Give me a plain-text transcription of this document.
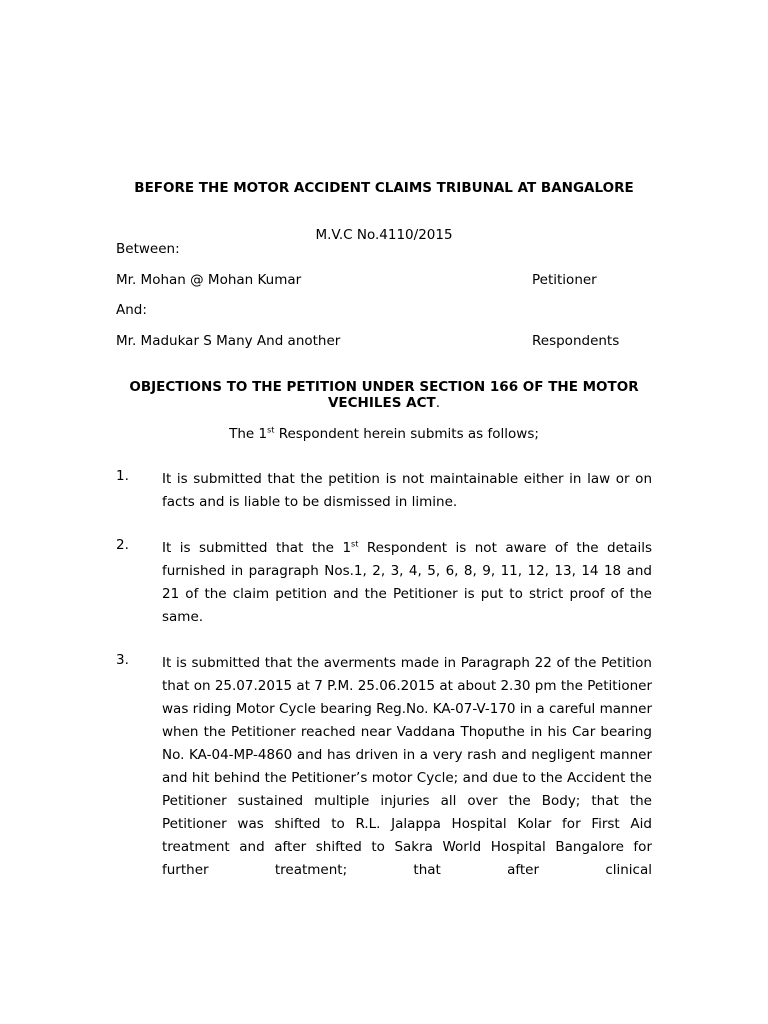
BEFORE THE MOTOR ACCIDENT CLAIMS TRIBUNAL AT BANGALORE
M.V.C No.4110/2015
Between:
Mr. Mohan @ Mohan Kumar	Petitioner
And:
Mr. Madukar S Many And another	Respondents
OBJECTIONS TO THE PETITION UNDER SECTION 166 OF THE MOTOR VECHILES ACT.
The 1st Respondent herein submits as follows;
1. It is submitted that the petition is not maintainable either in law or on facts and is liable to be dismissed in limine.
2. It is submitted that the 1st Respondent is not aware of the details furnished in paragraph Nos.1, 2, 3, 4, 5, 6, 8, 9, 11, 12, 13, 14 18 and 21 of the claim petition and the Petitioner is put to strict proof of the same.
3. It is submitted that the averments made in Paragraph 22 of the Petition that on 25.07.2015 at 7 P.M. 25.06.2015 at about 2.30 pm the Petitioner was riding Motor Cycle bearing Reg.No. KA-07-V-170 in a careful manner when the Petitioner reached near Vaddana Thoputhe in his Car bearing No. KA-04-MP-4860 and has driven in a very rash and negligent manner and hit behind the Petitioner’s motor Cycle; and due to the Accident the Petitioner sustained multiple injuries all over the Body; that the Petitioner was shifted to R.L. Jalappa Hospital Kolar for First Aid treatment and after shifted to Sakra World Hospital Bangalore for further treatment; that after clinical
